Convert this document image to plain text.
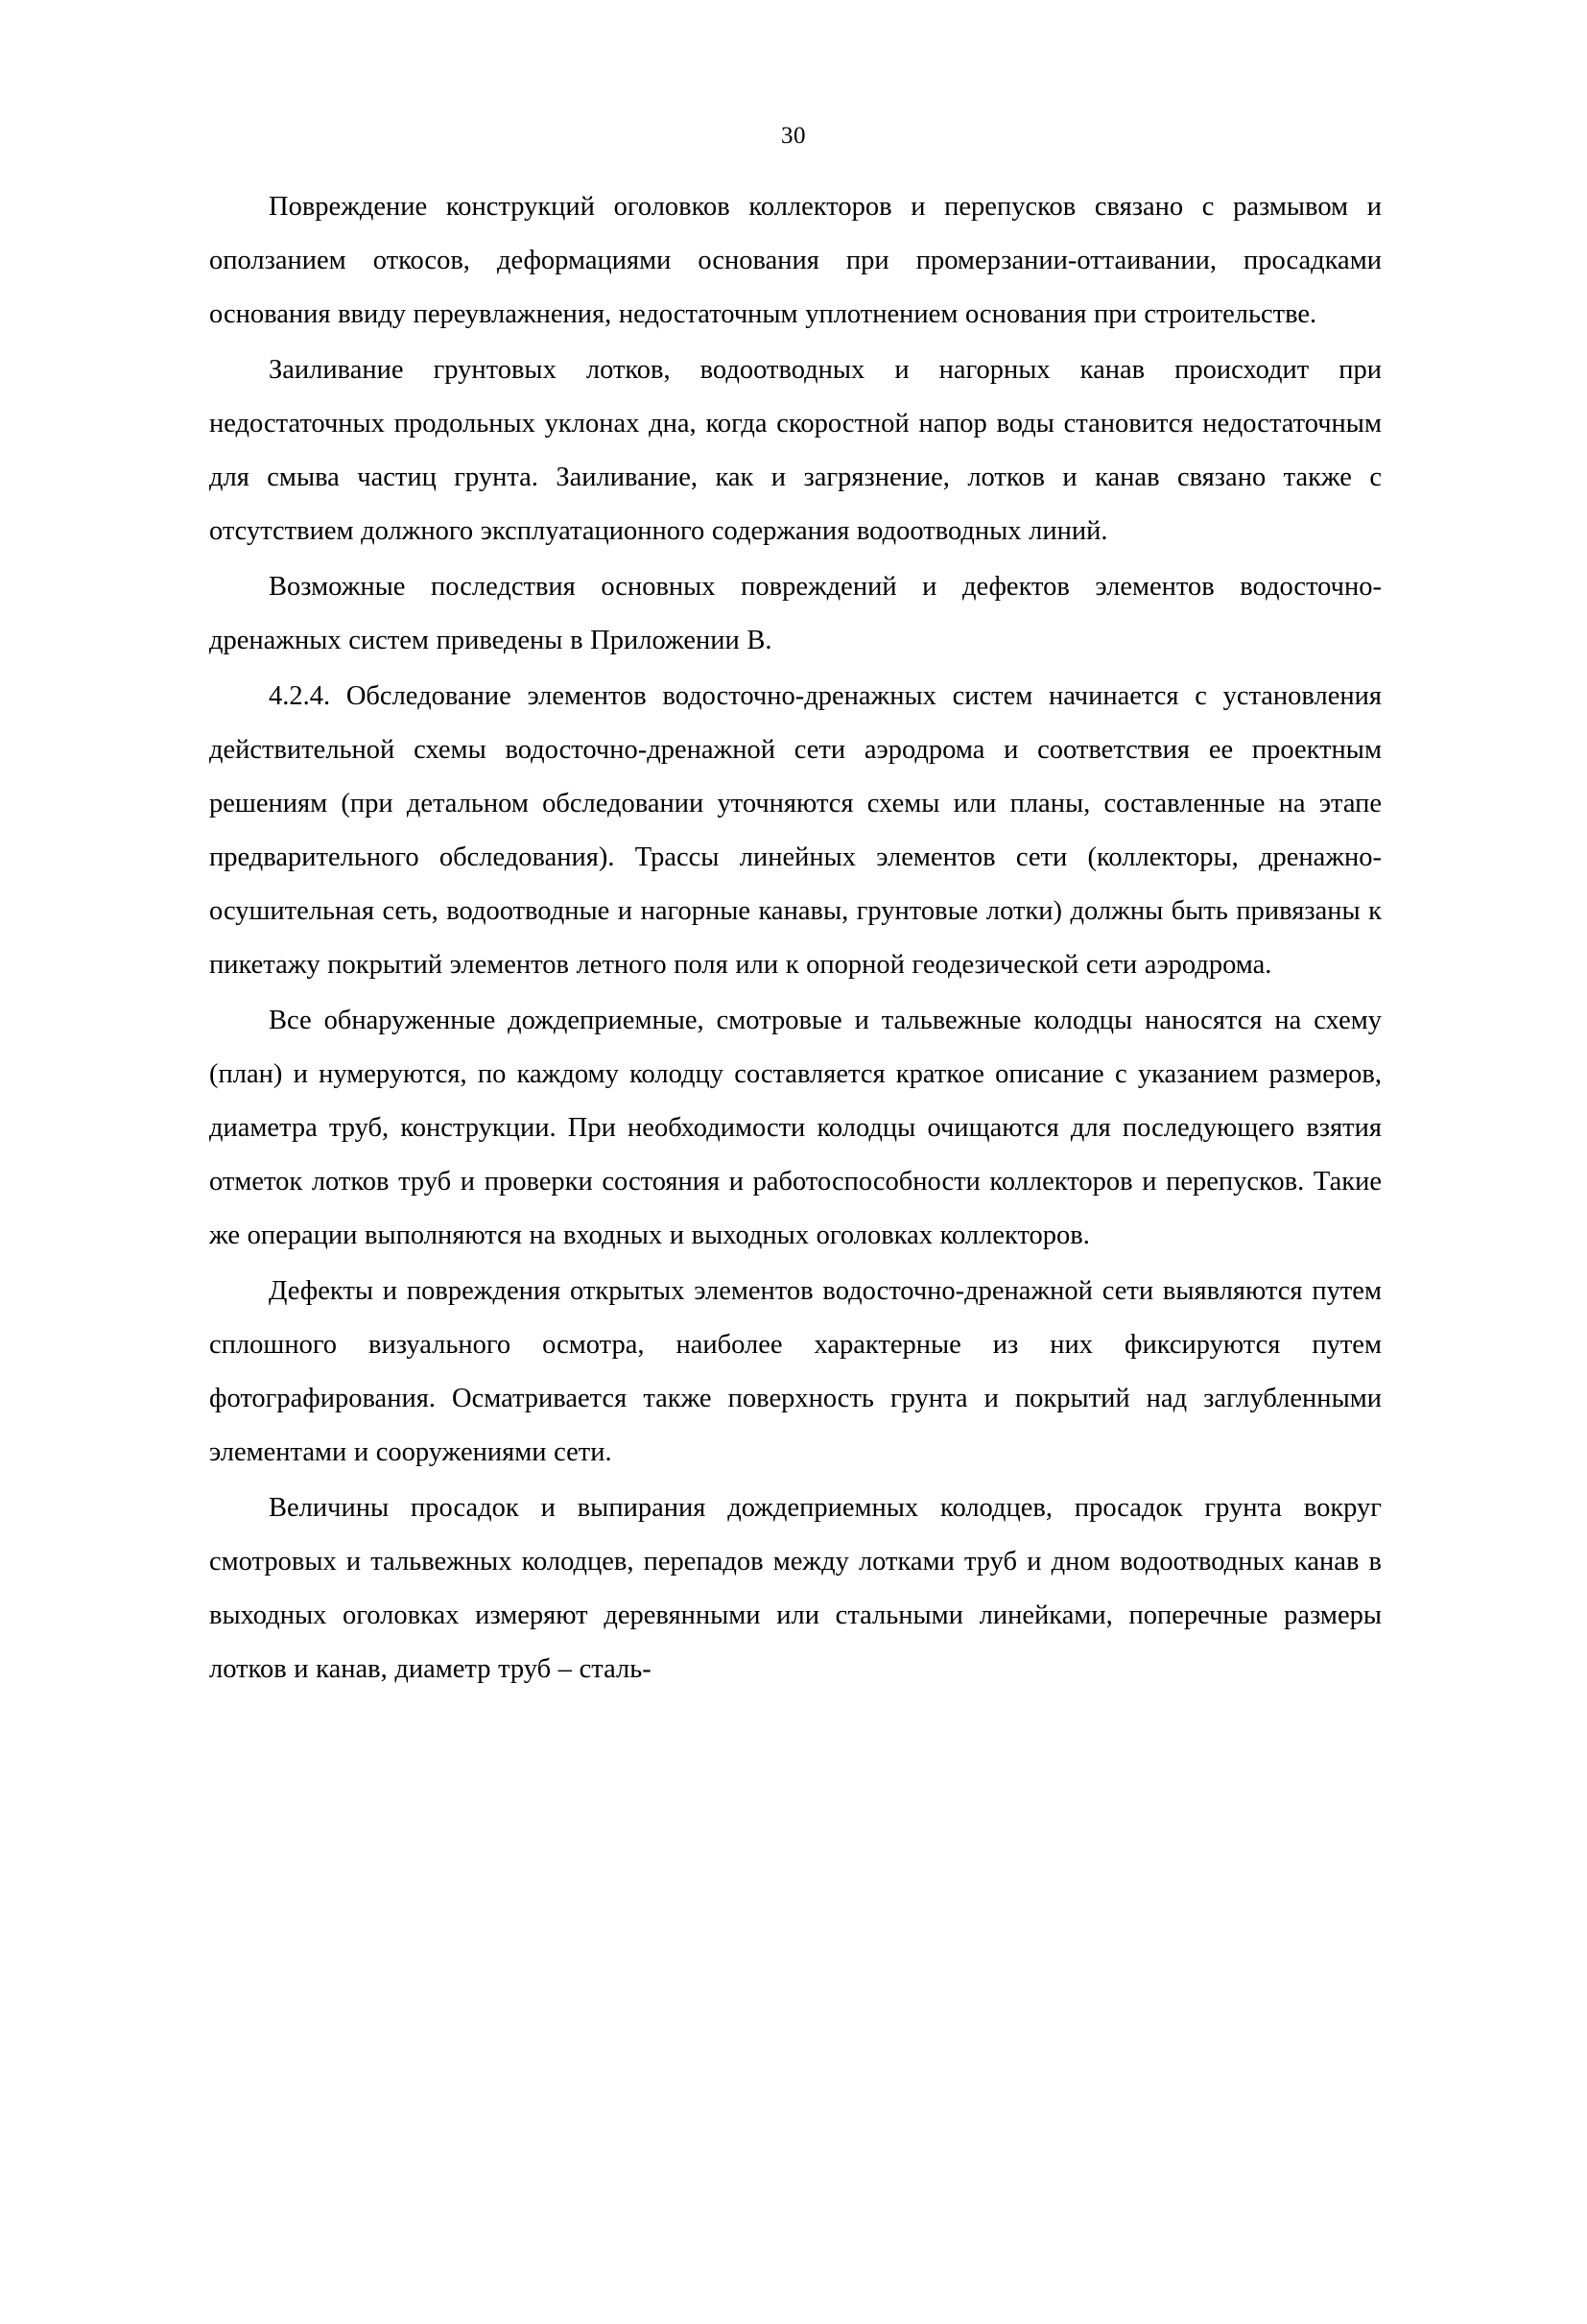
30

Повреждение конструкций оголовков коллекторов и перепусков связано с размывом и оползанием откосов, деформациями основания при промерзании-оттаивании, просадками основания ввиду переувлажнения, недостаточным уплотнением основания при строительстве.

Заиливание грунтовых лотков, водоотводных и нагорных канав происходит при недостаточных продольных уклонах дна, когда скоростной напор воды становится недостаточным для смыва частиц грунта. Заиливание, как и загрязнение, лотков и канав связано также с отсутствием должного эксплуатационного содержания водоотводных линий.

Возможные последствия основных повреждений и дефектов элементов водосточно-дренажных систем приведены в Приложении В.

4.2.4. Обследование элементов водосточно-дренажных систем начинается с установления действительной схемы водосточно-дренажной сети аэродрома и соответствия ее проектным решениям (при детальном обследовании уточняются схемы или планы, составленные на этапе предварительного обследования). Трассы линейных элементов сети (коллекторы, дренажно-осушительная сеть, водоотводные и нагорные канавы, грунтовые лотки) должны быть привязаны к пикетажу покрытий элементов летного поля или к опорной геодезической сети аэродрома.

Все обнаруженные дождеприемные, смотровые и тальвежные колодцы наносятся на схему (план) и нумеруются, по каждому колодцу составляется краткое описание с указанием размеров, диаметра труб, конструкции. При необходимости колодцы очищаются для последующего взятия отметок лотков труб и проверки состояния и работоспособности коллекторов и перепусков. Такие же операции выполняются на входных и выходных оголовках коллекторов.

Дефекты и повреждения открытых элементов водосточно-дренажной сети выявляются путем сплошного визуального осмотра, наиболее характерные из них фиксируются путем фотографирования. Осматривается также поверхность грунта и покрытий над заглубленными элементами и сооружениями сети.

Величины просадок и выпирания дождеприемных колодцев, просадок грунта вокруг смотровых и тальвежных колодцев, перепадов между лотками труб и дном водоотводных канав в выходных оголовках измеряют деревянными или стальными линейками, поперечные размеры лотков и канав, диаметр труб – сталь-
